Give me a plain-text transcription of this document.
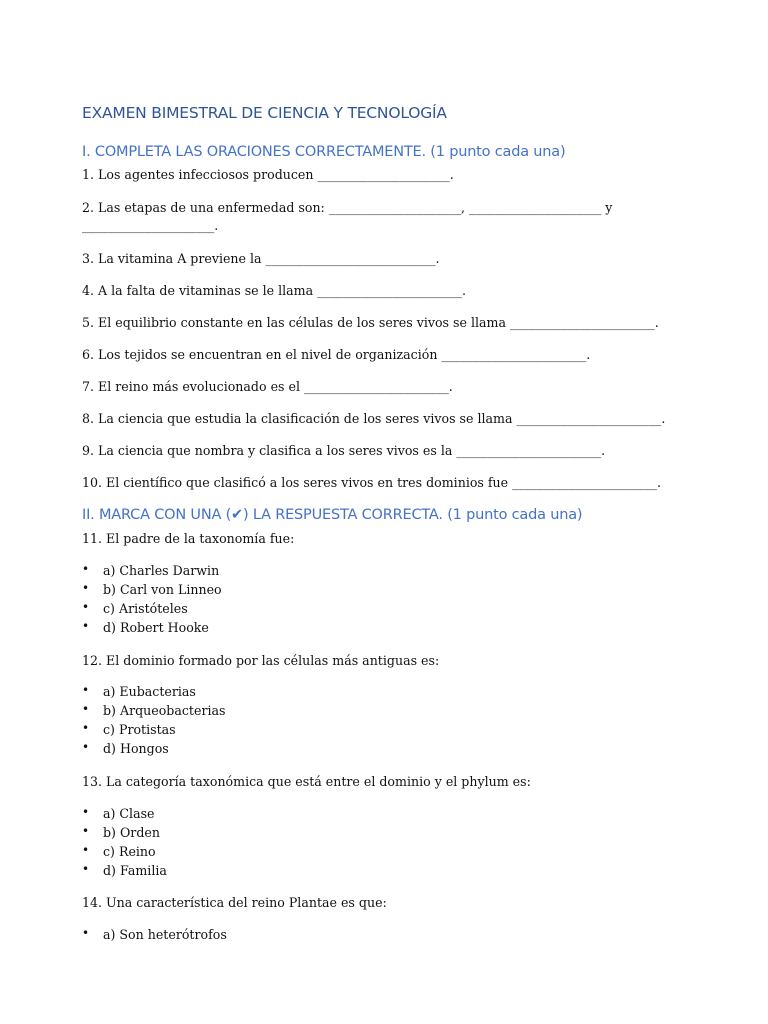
EXAMEN BIMESTRAL DE CIENCIA Y TECNOLOGÍA
I. COMPLETA LAS ORACIONES CORRECTAMENTE. (1 punto cada una)
1. Los agentes infecciosos producen _____________________.
2. Las etapas de una enfermedad son: _____________________, _____________________ y
_____________________.
3. La vitamina A previene la ___________________________.
4. A la falta de vitaminas se le llama _______________________.
5. El equilibrio constante en las células de los seres vivos se llama _______________________.
6. Los tejidos se encuentran en el nivel de organización _______________________.
7. El reino más evolucionado es el _______________________.
8. La ciencia que estudia la clasificación de los seres vivos se llama _______________________.
9. La ciencia que nombra y clasifica a los seres vivos es la _______________________.
10. El científico que clasificó a los seres vivos en tres dominios fue _______________________.
II. MARCA CON UNA (✔) LA RESPUESTA CORRECTA. (1 punto cada una)
11. El padre de la taxonomía fue:
• a) Charles Darwin
• b) Carl von Linneo
• c) Aristóteles
• d) Robert Hooke
12. El dominio formado por las células más antiguas es:
• a) Eubacterias
• b) Arqueobacterias
• c) Protistas
• d) Hongos
13. La categoría taxonómica que está entre el dominio y el phylum es:
• a) Clase
• b) Orden
• c) Reino
• d) Familia
14. Una característica del reino Plantae es que:
• a) Son heterótrofos
